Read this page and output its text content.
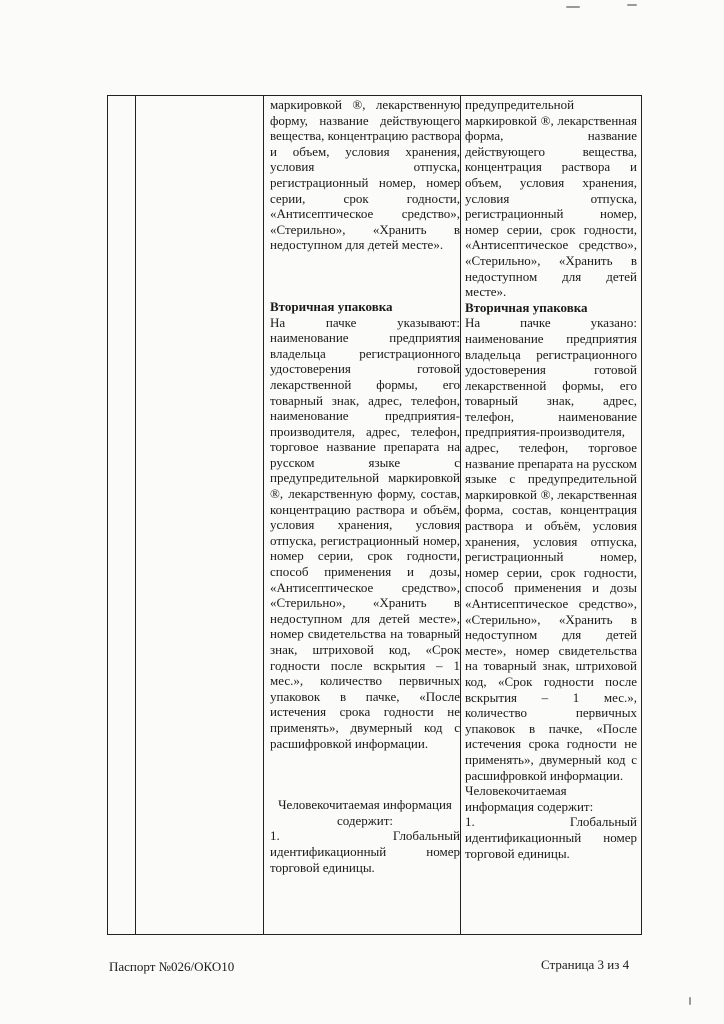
маркировкой ®, лекарственную форму, название действующего вещества, концентрацию раствора и объем, условия хранения, условия отпуска, регистрационный номер, номер серии, срок годности, «Антисептическое средство», «Стерильно», «Хранить в недоступном для детей месте».

Вторичная упаковка

На пачке указывают: наименование предприятия владельца регистрационного удостоверения готовой лекарственной формы, его товарный знак, адрес, телефон, наименование предприятия-производителя, адрес, телефон, торговое название препарата на русском языке с предупредительной маркировкой ®, лекарственную форму, состав, концентрацию раствора и объём, условия хранения, условия отпуска, регистрационный номер, номер серии, срок годности, способ применения и дозы, «Антисептическое средство», «Стерильно», «Хранить в недоступном для детей месте», номер свидетельства на товарный знак, штриховой код, «Срок годности после вскрытия – 1 мес.», количество первичных упаковок в пачке, «После истечения срока годности не применять», двумерный код с расшифровкой информации.

Человекочитаемая информация содержит:

1. Глобальный идентификационный номер торговой единицы.

предупредительной маркировкой ®, лекарственная форма, название действующего вещества, концентрация раствора и объем, условия хранения, условия отпуска, регистрационный номер, номер серии, срок годности, «Антисептическое средство», «Стерильно», «Хранить в недоступном для детей месте».

Вторичная упаковка

На пачке указано: наименование предприятия владельца регистрационного удостоверения готовой лекарственной формы, его товарный знак, адрес, телефон, наименование предприятия-производителя, адрес, телефон, торговое название препарата на русском языке с предупредительной маркировкой ®, лекарственная форма, состав, концентрация раствора и объём, условия хранения, условия отпуска, регистрационный номер, номер серии, срок годности, способ применения и дозы «Антисептическое средство», «Стерильно», «Хранить в недоступном для детей месте», номер свидетельства на товарный знак, штриховой код, «Срок годности после вскрытия – 1 мес.», количество первичных упаковок в пачке, «После истечения срока годности не применять», двумерный код с расшифровкой информации.

Человекочитаемая информация содержит:

1. Глобальный идентификационный номер торговой единицы.

Паспорт №026/ОКО10	Страница 3 из 4
